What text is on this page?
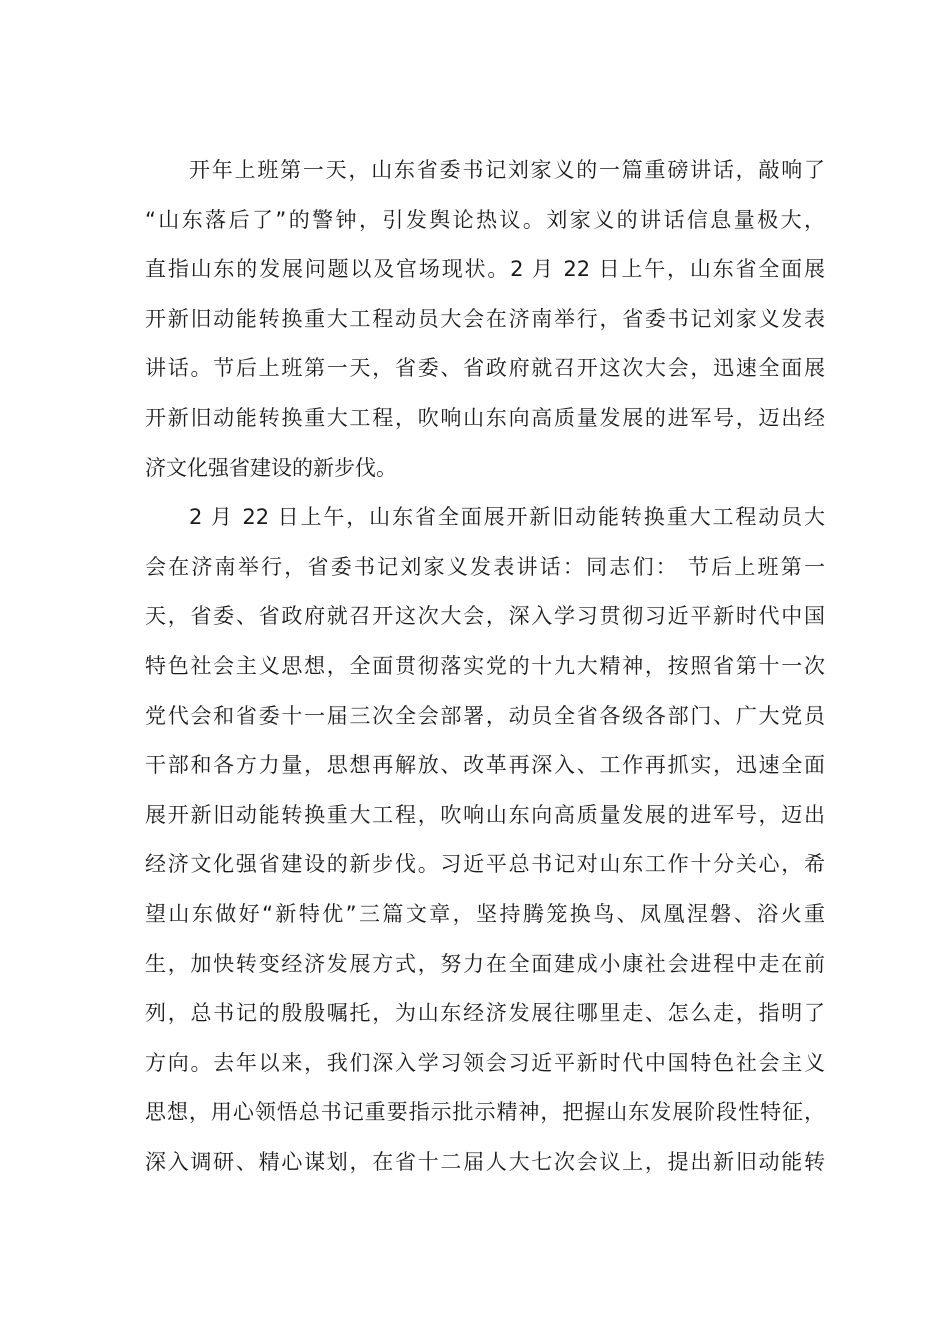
开年上班第一天，山东省委书记刘家义的一篇重磅讲话，敲响了
“山东落后了”的警钟，引发舆论热议。刘家义的讲话信息量极大，
直指山东的发展问题以及官场现状。2 月 22 日上午，山东省全面展
开新旧动能转换重大工程动员大会在济南举行，省委书记刘家义发表
讲话。节后上班第一天，省委、省政府就召开这次大会，迅速全面展
开新旧动能转换重大工程，吹响山东向高质量发展的进军号，迈出经
济文化强省建设的新步伐。
2 月 22 日上午，山东省全面展开新旧动能转换重大工程动员大
会在济南举行，省委书记刘家义发表讲话：同志们： 节后上班第一
天，省委、省政府就召开这次大会，深入学习贯彻习近平新时代中国
特色社会主义思想，全面贯彻落实党的十九大精神，按照省第十一次
党代会和省委十一届三次全会部署，动员全省各级各部门、广大党员
干部和各方力量，思想再解放、改革再深入、工作再抓实，迅速全面
展开新旧动能转换重大工程，吹响山东向高质量发展的进军号，迈出
经济文化强省建设的新步伐。习近平总书记对山东工作十分关心，希
望山东做好“新特优”三篇文章，坚持腾笼换鸟、凤凰涅磐、浴火重
生，加快转变经济发展方式，努力在全面建成小康社会进程中走在前
列，总书记的殷殷嘱托，为山东经济发展往哪里走、怎么走，指明了
方向。去年以来，我们深入学习领会习近平新时代中国特色社会主义
思想，用心领悟总书记重要指示批示精神，把握山东发展阶段性特征，
深入调研、精心谋划，在省十二届人大七次会议上，提出新旧动能转
